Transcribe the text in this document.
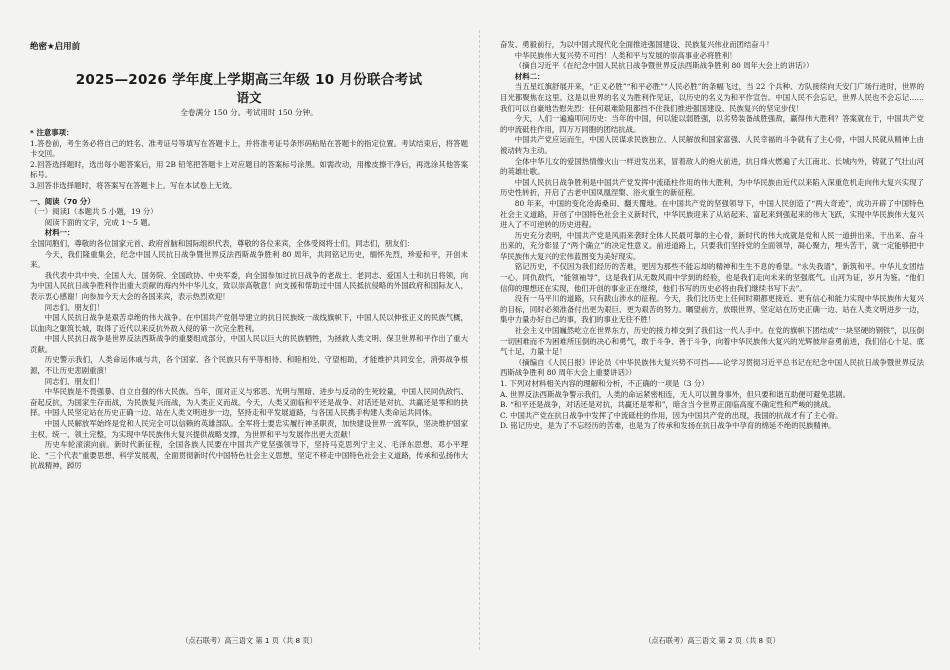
绝密★启用前
2025—2026 学年度上学期高三年级 10 月份联合考试
语文
全卷满分 150 分。考试用时 150 分钟。

* 注意事项：

1.答卷前，考生务必将自己的姓名、准考证号等填写在答题卡上，并将准考证号条形码粘贴在答题卡的指定位置。考试结束后，将答题卡交回。

2.回答选择题时，选出每小题答案后，用 2B 铅笔把答题卡上对应题目的答案标号涂黑。如需改动，用橡皮擦干净后，再选涂其他答案标号。

3.回答非选择题时，将答案写在答题卡上。写在本试卷上无效。

一、阅读（70 分）

（一）阅读Ⅰ（本题共 5 小题，19 分）

阅读下面的文字，完成 1～5 题。

材料一：

全国同胞们，尊敬的各位国家元首、政府首脑和国际组织代表，尊敬的各位来宾，全体受阅将士们，同志们，朋友们：

今天，我们隆重集会，纪念中国人民抗日战争暨世界反法西斯战争胜利 80 周年，共同铭记历史，缅怀先烈，珍爱和平，开创未来。

我代表中共中央、全国人大、国务院、全国政协、中央军委，向全国参加过抗日战争的老战士、老同志、爱国人士和抗日将领，向为中国人民抗日战争胜利作出重大贡献的海内外中华儿女，致以崇高敬意！向支援和帮助过中国人民抵抗侵略的外国政府和国际友人，表示衷心感谢！向参加今天大会的各国来宾，表示热烈欢迎！

同志们、朋友们！

中国人民抗日战争是艰苦卓绝的伟大战争。在中国共产党倡导建立的抗日民族统一战线旗帜下，中国人民以伸张正义的民族气概，以血肉之躯筑长城，取得了近代以来反抗外敌入侵的第一次完全胜利。

中国人民抗日战争是世界反法西斯战争的重要组成部分，中国人民以巨大的民族牺牲，为拯救人类文明、保卫世界和平作出了重大贡献。

历史警示我们，人类命运休戚与共，各个国家、各个民族只有平等相待、和睦相处、守望相助，才能维护共同安全，消弭战争根源，不让历史悲剧重演！

同志们、朋友们！

中华民族是不畏强暴、自立自强的伟大民族。当年，面对正义与邪恶、光明与黑暗、进步与反动的生死较量，中国人民同仇敌忾、奋起反抗，为国家生存而战，为民族复兴而战，为人类正义而战。今天，人类又面临和平还是战争、对话还是对抗、共赢还是零和的抉择。中国人民坚定站在历史正确一边、站在人类文明进步一边，坚持走和平发展道路，与各国人民携手构建人类命运共同体。

中国人民解放军始终是党和人民完全可以信赖的英雄部队。全军将士要忠实履行神圣职责，加快建设世界一流军队，坚决维护国家主权、统一、领土完整，为实现中华民族伟大复兴提供战略支撑，为世界和平与发展作出更大贡献！

历史车轮滚滚向前。新时代新征程，全国各族人民要在中国共产党坚强领导下，坚持马克思列宁主义、毛泽东思想、邓小平理论、“三个代表”重要思想、科学发展观，全面贯彻新时代中国特色社会主义思想，坚定不移走中国特色社会主义道路，传承和弘扬伟大抗战精神，踔厉

奋发、勇毅前行，为以中国式现代化全面推进强国建设、民族复兴伟业而团结奋斗！

中华民族伟大复兴势不可挡！人类和平与发展的崇高事业必将胜利！

（摘自习近平《在纪念中国人民抗日战争暨世界反法西斯战争胜利 80 周年大会上的讲话》）

材料二：

当五星红旗舒展开来，“正义必胜”“和平必胜”“人民必胜”的条幅飞过，当 22 个兵种、方队接续向天安门广场行进时，世界的目光都聚焦在这里。这是以世界的名义为胜利作见证，以历史的名义为和平作宣告。中国人民不会忘记，世界人民也不会忘记……我们可以自豪地告慰先烈：任何艰难险阻都挡不住我们推进强国建设、民族复兴的坚定步伐！

今天，人们一遍遍叩问历史：当年的中国，何以能以弱胜强，以劣势装备战胜强敌，赢得伟大胜利？答案就在于，中国共产党的中流砥柱作用，四万万同胞的团结抗战。

中国共产党应运而生，中国人民谋求民族独立、人民解放和国家富强、人民幸福的斗争就有了主心骨，中国人民就从精神上由被动转为主动。

全体中华儿女的爱国热情像火山一样迸发出来，冒着敌人的炮火前进，抗日烽火燃遍了大江南北、长城内外，铸就了气壮山河的英雄壮歌。

中国人民抗日战争胜利是中国共产党发挥中流砥柱作用的伟大胜利，为中华民族由近代以来陷入深重危机走向伟大复兴实现了历史性转折，开启了古老中国凤凰涅槃、浴火重生的新征程。

80 年来，中国的变化沧海桑田、翻天覆地。在中国共产党的坚强领导下，中国人民创造了“两大奇迹”，成功开辟了中国特色社会主义道路，开创了中国特色社会主义新时代，中华民族迎来了从站起来、富起来到强起来的伟大飞跃，实现中华民族伟大复兴进入了不可逆转的历史进程。

历史充分表明，中国共产党是风雨来袭时全体人民最可靠的主心骨，新时代的伟大成就是党和人民一道拼出来、干出来、奋斗出来的，充分彰显了“两个确立”的决定性意义。前进道路上，只要我们坚持党的全面领导，凝心聚力，埋头苦干，就一定能够把中华民族伟大复兴的宏伟蓝图变为美好现实。

铭记历史，不仅因为我们经历的苦难，更因为那些不能忘却的精神和生生不息的希望。“永失我谱”，新筑和平。中华儿女团结一心、同仇敌忾，“能领袖导”，这是我们从无数风雨中学到的经验，也是我们走向未来的坚强底气。山河为证，岁月为鉴。“他们信仰的理想还在实现，他们开创的事业正在继续，他们书写的历史必将由我们继续书写下去”。

没有一马平川的道路，只有跋山涉水的征程。今天，我们比历史上任何时期都更接近、更有信心和能力实现中华民族伟大复兴的目标，同时必须准备付出更为艰巨、更为艰苦的努力。瞩望前方，放眼世界，坚定站在历史正确一边、站在人类文明进步一边，集中力量办好自己的事，我们的事业无往不胜！

社会主义中国巍然屹立在世界东方，历史的接力棒交到了我们这一代人手中。在党的旗帜下团结成“一块坚硬的钢铁”，以压倒一切困难而不为困难所压倒的决心和勇气，敢于斗争、善于斗争，向着中华民族伟大复兴的光辉彼岸奋勇前进，我们信心十足、底气十足、力量十足！

（摘编自《人民日报》评论员《中华民族伟大复兴势不可挡——论学习贯彻习近平总书记在纪念中国人民抗日战争暨世界反法西斯战争胜利 80 周年大会上重要讲话》）

1. 下列对材料相关内容的理解和分析，不正确的一项是（3 分）

A. 世界反法西斯战争警示我们，人类的命运紧密相连，无人可以置身事外，但只要和谐互助便可避免悲剧。

B. “和平还是战争，对话还是对抗，共赢还是零和”，暗含当今世界正面临高度不确定性和严峻的挑战。

C. 中国共产党在抗日战争中发挥了中流砥柱的作用，因为中国共产党的出现，我国的抗战才有了主心骨。

D. 铭记历史，是为了不忘经历的苦难，也是为了传承和发扬在抗日战争中孕育的绵延不绝的民族精神。

（点石联考）高三语文 第 1 页（共 8 页）	（点石联考）高三语文 第 2 页（共 8 页）
